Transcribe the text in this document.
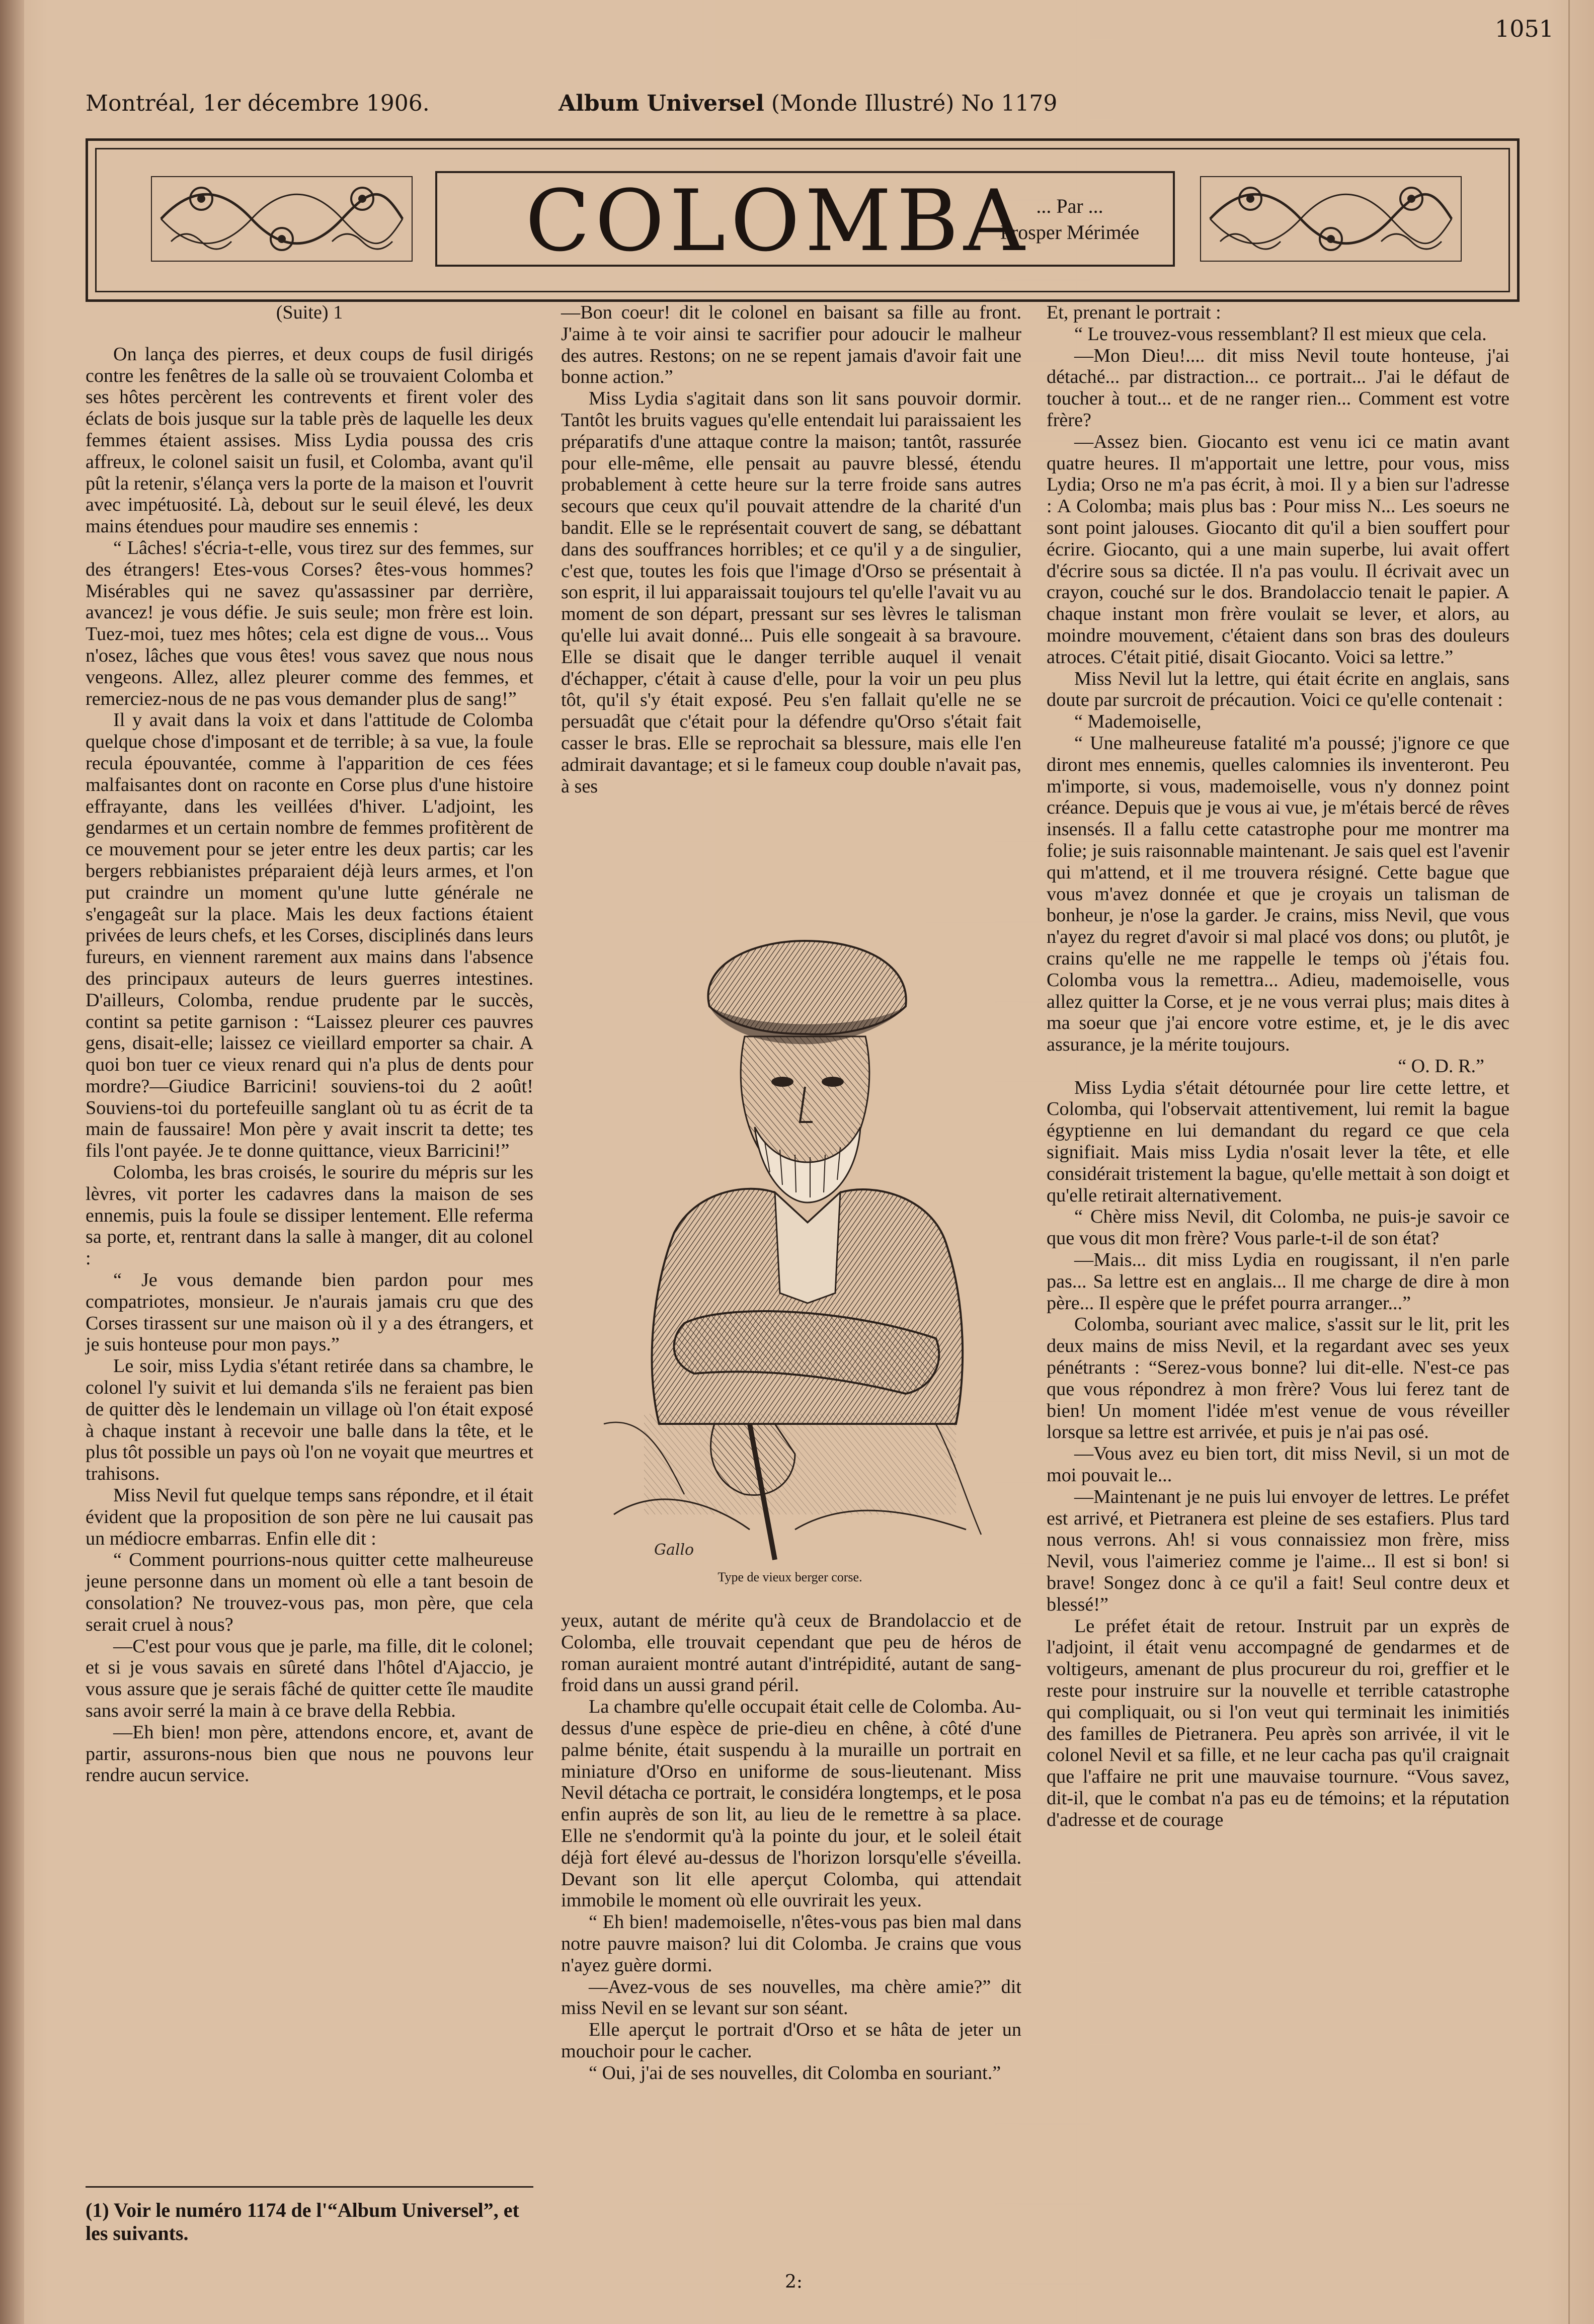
1051
Montréal, 1er décembre 1906.	Album Universel (Monde Illustré) No 1179
COLOMBA ... Par ...
Prosper Mérimée

(Suite) 1

On lança des pierres, et deux coups de fusil dirigés contre les fenêtres de la salle où se trouvaient Colomba et ses hôtes percèrent les contrevents et firent voler des éclats de bois jusque sur la table près de laquelle les deux femmes étaient assises. Miss Lydia poussa des cris affreux, le colonel saisit un fusil, et Colomba, avant qu'il pût la retenir, s'élança vers la porte de la maison et l'ouvrit avec impétuosité. Là, debout sur le seuil élevé, les deux mains étendues pour maudire ses ennemis :

“ Lâches! s'écria-t-elle, vous tirez sur des femmes, sur des étrangers! Etes-vous Corses? êtes-vous hommes? Misérables qui ne savez qu'assassiner par derrière, avancez! je vous défie. Je suis seule; mon frère est loin. Tuez-moi, tuez mes hôtes; cela est digne de vous... Vous n'osez, lâches que vous êtes! vous savez que nous nous vengeons. Allez, allez pleurer comme des femmes, et remerciez-nous de ne pas vous demander plus de sang!”

Il y avait dans la voix et dans l'attitude de Colomba quelque chose d'imposant et de terrible; à sa vue, la foule recula épouvantée, comme à l'apparition de ces fées malfaisantes dont on raconte en Corse plus d'une histoire effrayante, dans les veillées d'hiver. L'adjoint, les gendarmes et un certain nombre de femmes profitèrent de ce mouvement pour se jeter entre les deux partis; car les bergers rebbianistes préparaient déjà leurs armes, et l'on put craindre un moment qu'une lutte générale ne s'engageât sur la place. Mais les deux factions étaient privées de leurs chefs, et les Corses, disciplinés dans leurs fureurs, en viennent rarement aux mains dans l'absence des principaux auteurs de leurs guerres intestines. D'ailleurs, Colomba, rendue prudente par le succès, contint sa petite garnison : “Laissez pleurer ces pauvres gens, disait-elle; laissez ce vieillard emporter sa chair. A quoi bon tuer ce vieux renard qui n'a plus de dents pour mordre?—Giudice Barricini! souviens-toi du 2 août! Souviens-toi du portefeuille sanglant où tu as écrit de ta main de faussaire! Mon père y avait inscrit ta dette; tes fils l'ont payée. Je te donne quittance, vieux Barricini!”

Colomba, les bras croisés, le sourire du mépris sur les lèvres, vit porter les cadavres dans la maison de ses ennemis, puis la foule se dissiper lentement. Elle referma sa porte, et, rentrant dans la salle à manger, dit au colonel :

“ Je vous demande bien pardon pour mes compatriotes, monsieur. Je n'aurais jamais cru que des Corses tirassent sur une maison où il y a des étrangers, et je suis honteuse pour mon pays.”

Le soir, miss Lydia s'étant retirée dans sa chambre, le colonel l'y suivit et lui demanda s'ils ne feraient pas bien de quitter dès le lendemain un village où l'on était exposé à chaque instant à recevoir une balle dans la tête, et le plus tôt possible un pays où l'on ne voyait que meurtres et trahisons.

Miss Nevil fut quelque temps sans répondre, et il était évident que la proposition de son père ne lui causait pas un médiocre embarras. Enfin elle dit :

“ Comment pourrions-nous quitter cette malheureuse jeune personne dans un moment où elle a tant besoin de consolation? Ne trouvez-vous pas, mon père, que cela serait cruel à nous?

—C'est pour vous que je parle, ma fille, dit le colonel; et si je vous savais en sûreté dans l'hôtel d'Ajaccio, je vous assure que je serais fâché de quitter cette île maudite sans avoir serré la main à ce brave della Rebbia.

—Eh bien! mon père, attendons encore, et, avant de partir, assurons-nous bien que nous ne pouvons leur rendre aucun service.

(1) Voir le numéro 1174 de l'“Album Universel”, et les suivants.

—Bon coeur! dit le colonel en baisant sa fille au front. J'aime à te voir ainsi te sacrifier pour adoucir le malheur des autres. Restons; on ne se repent jamais d'avoir fait une bonne action.”

Miss Lydia s'agitait dans son lit sans pouvoir dormir. Tantôt les bruits vagues qu'elle entendait lui paraissaient les préparatifs d'une attaque contre la maison; tantôt, rassurée pour elle-même, elle pensait au pauvre blessé, étendu probablement à cette heure sur la terre froide sans autres secours que ceux qu'il pouvait attendre de la charité d'un bandit. Elle se le représentait couvert de sang, se débattant dans des souffrances horribles; et ce qu'il y a de singulier, c'est que, toutes les fois que l'image d'Orso se présentait à son esprit, il lui apparaissait toujours tel qu'elle l'avait vu au moment de son départ, pressant sur ses lèvres le talisman qu'elle lui avait donné... Puis elle songeait à sa bravoure. Elle se disait que le danger terrible auquel il venait d'échapper, c'était à cause d'elle, pour la voir un peu plus tôt, qu'il s'y était exposé. Peu s'en fallait qu'elle ne se persuadât que c'était pour la défendre qu'Orso s'était fait casser le bras. Elle se reprochait sa blessure, mais elle l'en admirait davantage; et si le fameux coup double n'avait pas, à ses

Gallo
Type de vieux berger corse.

yeux, autant de mérite qu'à ceux de Brandolaccio et de Colomba, elle trouvait cependant que peu de héros de roman auraient montré autant d'intrépidité, autant de sang-froid dans un aussi grand péril.

La chambre qu'elle occupait était celle de Colomba. Au-dessus d'une espèce de prie-dieu en chêne, à côté d'une palme bénite, était suspendu à la muraille un portrait en miniature d'Orso en uniforme de sous-lieutenant. Miss Nevil détacha ce portrait, le considéra longtemps, et le posa enfin auprès de son lit, au lieu de le remettre à sa place. Elle ne s'endormit qu'à la pointe du jour, et le soleil était déjà fort élevé au-dessus de l'horizon lorsqu'elle s'éveilla. Devant son lit elle aperçut Colomba, qui attendait immobile le moment où elle ouvrirait les yeux.

“ Eh bien! mademoiselle, n'êtes-vous pas bien mal dans notre pauvre maison? lui dit Colomba. Je crains que vous n'ayez guère dormi.

—Avez-vous de ses nouvelles, ma chère amie?” dit miss Nevil en se levant sur son séant.

Elle aperçut le portrait d'Orso et se hâta de jeter un mouchoir pour le cacher.

“ Oui, j'ai de ses nouvelles, dit Colomba en souriant.”

2:

Et, prenant le portrait :

“ Le trouvez-vous ressemblant? Il est mieux que cela.

—Mon Dieu!.... dit miss Nevil toute honteuse, j'ai détaché... par distraction... ce portrait... J'ai le défaut de toucher à tout... et de ne ranger rien... Comment est votre frère?

—Assez bien. Giocanto est venu ici ce matin avant quatre heures. Il m'apportait une lettre, pour vous, miss Lydia; Orso ne m'a pas écrit, à moi. Il y a bien sur l'adresse : A Colomba; mais plus bas : Pour miss N... Les soeurs ne sont point jalouses. Giocanto dit qu'il a bien souffert pour écrire. Giocanto, qui a une main superbe, lui avait offert d'écrire sous sa dictée. Il n'a pas voulu. Il écrivait avec un crayon, couché sur le dos. Brandolaccio tenait le papier. A chaque instant mon frère voulait se lever, et alors, au moindre mouvement, c'étaient dans son bras des douleurs atroces. C'était pitié, disait Giocanto. Voici sa lettre.”

Miss Nevil lut la lettre, qui était écrite en anglais, sans doute par surcroit de précaution. Voici ce qu'elle contenait :

“ Mademoiselle,

“ Une malheureuse fatalité m'a poussé; j'ignore ce que diront mes ennemis, quelles calomnies ils inventeront. Peu m'importe, si vous, mademoiselle, vous n'y donnez point créance. Depuis que je vous ai vue, je m'étais bercé de rêves insensés. Il a fallu cette catastrophe pour me montrer ma folie; je suis raisonnable maintenant. Je sais quel est l'avenir qui m'attend, et il me trouvera résigné. Cette bague que vous m'avez donnée et que je croyais un talisman de bonheur, je n'ose la garder. Je crains, miss Nevil, que vous n'ayez du regret d'avoir si mal placé vos dons; ou plutôt, je crains qu'elle ne me rappelle le temps où j'étais fou. Colomba vous la remettra... Adieu, mademoiselle, vous allez quitter la Corse, et je ne vous verrai plus; mais dites à ma soeur que j'ai encore votre estime, et, je le dis avec assurance, je la mérite toujours.

“ O. D. R.”

Miss Lydia s'était détournée pour lire cette lettre, et Colomba, qui l'observait attentivement, lui remit la bague égyptienne en lui demandant du regard ce que cela signifiait. Mais miss Lydia n'osait lever la tête, et elle considérait tristement la bague, qu'elle mettait à son doigt et qu'elle retirait alternativement.

“ Chère miss Nevil, dit Colomba, ne puis-je savoir ce que vous dit mon frère? Vous parle-t-il de son état?

—Mais... dit miss Lydia en rougissant, il n'en parle pas... Sa lettre est en anglais... Il me charge de dire à mon père... Il espère que le préfet pourra arranger...”

Colomba, souriant avec malice, s'assit sur le lit, prit les deux mains de miss Nevil, et la regardant avec ses yeux pénétrants : “Serez-vous bonne? lui dit-elle. N'est-ce pas que vous répondrez à mon frère? Vous lui ferez tant de bien! Un moment l'idée m'est venue de vous réveiller lorsque sa lettre est arrivée, et puis je n'ai pas osé.

—Vous avez eu bien tort, dit miss Nevil, si un mot de moi pouvait le...

—Maintenant je ne puis lui envoyer de lettres. Le préfet est arrivé, et Pietranera est pleine de ses estafiers. Plus tard nous verrons. Ah! si vous connaissiez mon frère, miss Nevil, vous l'aimeriez comme je l'aime... Il est si bon! si brave! Songez donc à ce qu'il a fait! Seul contre deux et blessé!”

Le préfet était de retour. Instruit par un exprès de l'adjoint, il était venu accompagné de gendarmes et de voltigeurs, amenant de plus procureur du roi, greffier et le reste pour instruire sur la nouvelle et terrible catastrophe qui compliquait, ou si l'on veut qui terminait les inimitiés des familles de Pietranera. Peu après son arrivée, il vit le colonel Nevil et sa fille, et ne leur cacha pas qu'il craignait que l'affaire ne prit une mauvaise tournure. “Vous savez, dit-il, que le combat n'a pas eu de témoins; et la réputation d'adresse et de courage
